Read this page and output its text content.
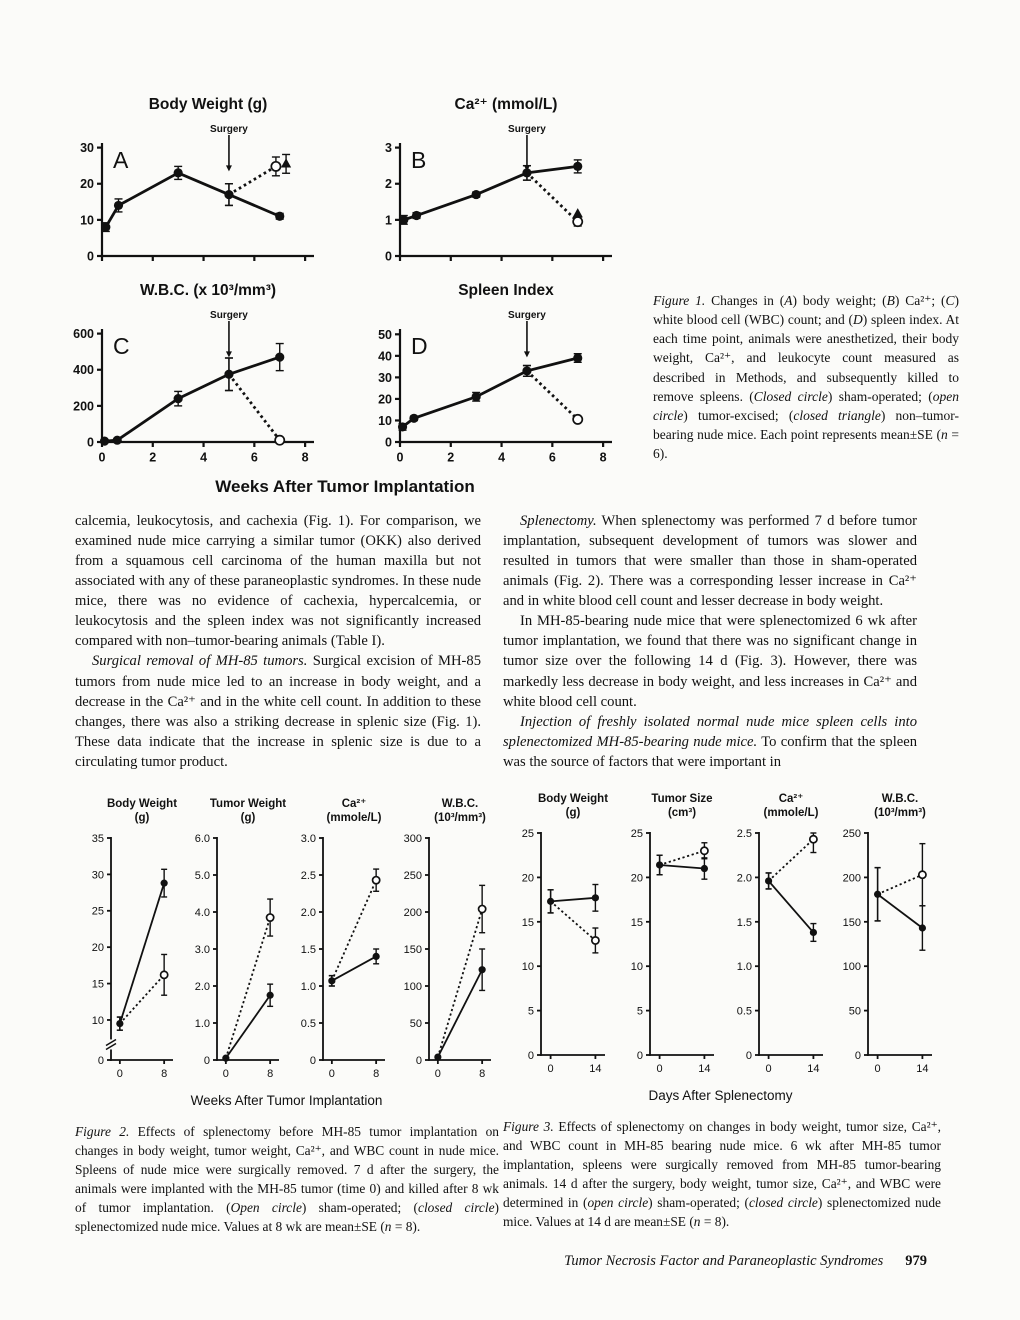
Body Weight (g)
0
10
20
30 A
Surgery
Ca²⁺ (mmol/L)
0
1
2
3 B
Surgery
W.B.C. (x 10³/mm³)
0
200
400
600
0	2	4	6	8
C
Surgery
Spleen Index
0
10
20
30
40
50
0	2	4	6	8
D
Surgery
Weeks After Tumor Implantation
Figure 1. Changes in (A) body weight; (B) Ca²⁺; (C) white blood cell (WBC) count; and (D) spleen index. At each time point, animals were anesthetized, their body weight, Ca²⁺, and leukocyte count measured as described in Methods, and subsequently killed to remove spleens. (Closed circle) sham-operated; (open circle) tumor-excised; (closed triangle) non–tumor-bearing nude mice. Each point represents mean±SE (n = 6).

calcemia, leukocytosis, and cachexia (Fig. 1). For comparison, we examined nude mice carrying a similar tumor (OKK) also derived from a squamous cell carcinoma of the human maxilla but not associated with any of these paraneoplastic syndromes. In these nude mice, there was no evidence of cachexia, hypercalcemia, or leukocytosis and the spleen index was not significantly increased compared with non–tumor-bearing animals (Table I).

Surgical removal of MH-85 tumors. Surgical excision of MH-85 tumors from nude mice led to an increase in body weight, and a decrease in the Ca²⁺ and in the white cell count. In addition to these changes, there was also a striking decrease in splenic size (Fig. 1). These data indicate that the increase in splenic size is due to a circulating tumor product.

Splenectomy. When splenectomy was performed 7 d before tumor implantation, subsequent development of tumors was slower and resulted in tumors that were smaller than those in sham-operated animals (Fig. 2). There was a corresponding lesser increase in Ca²⁺ and in white blood cell count and lesser decrease in body weight.

In MH-85-bearing nude mice that were splenectomized 6 wk after tumor implantation, we found that there was no significant change in tumor size over the following 14 d (Fig. 3). However, there was markedly less decrease in body weight, and less increases in Ca²⁺ and white blood cell count.

Injection of freshly isolated normal nude mice spleen cells into splenectomized MH-85-bearing nude mice. To confirm that the spleen was the source of factors that were important in

Body Weight
(g)
0
10
15
20
25
30
35
0	8
Tumor Weight
(g)
0
1.0
2.0
3.0
4.0
5.0
6.0
0	8
Ca²⁺
(mmole/L)
0
0.5
1.0
1.5
2.0
2.5
3.0
0	8
W.B.C.
(10³/mm³)
0
50
100
150
200
250
300
0	8
Weeks After Tumor Implantation
Figure 2. Effects of splenectomy before MH-85 tumor implantation on changes in body weight, tumor weight, Ca²⁺, and WBC count in nude mice. Spleens of nude mice were surgically removed. 7 d after the surgery, the animals were implanted with the MH-85 tumor (time 0) and killed after 8 wk of tumor implantation. (Open circle) sham-operated; (closed circle) splenectomized nude mice. Values at 8 wk are mean±SE (n = 8).
Body Weight
(g)
0
5
10
15
20
25
0	14
Tumor Size
(cm³)
0
5
10
15
20
25
0	14
Ca²⁺
(mmole/L)
0
0.5
1.0
1.5
2.0
2.5
0	14
W.B.C.
(10³/mm³)
0
50
100
150
200
250
0	14
Days After Splenectomy
Figure 3. Effects of splenectomy on changes in body weight, tumor size, Ca²⁺, and WBC count in MH-85 bearing nude mice. 6 wk after MH-85 tumor implantation, spleens were surgically removed from MH-85 tumor-bearing animals. 14 d after the surgery, body weight, tumor size, Ca²⁺, and WBC were determined in (open circle) sham-operated; (closed circle) splenectomized nude mice. Values at 14 d are mean±SE (n = 8).
Tumor Necrosis Factor and Paraneoplastic Syndromes 979
